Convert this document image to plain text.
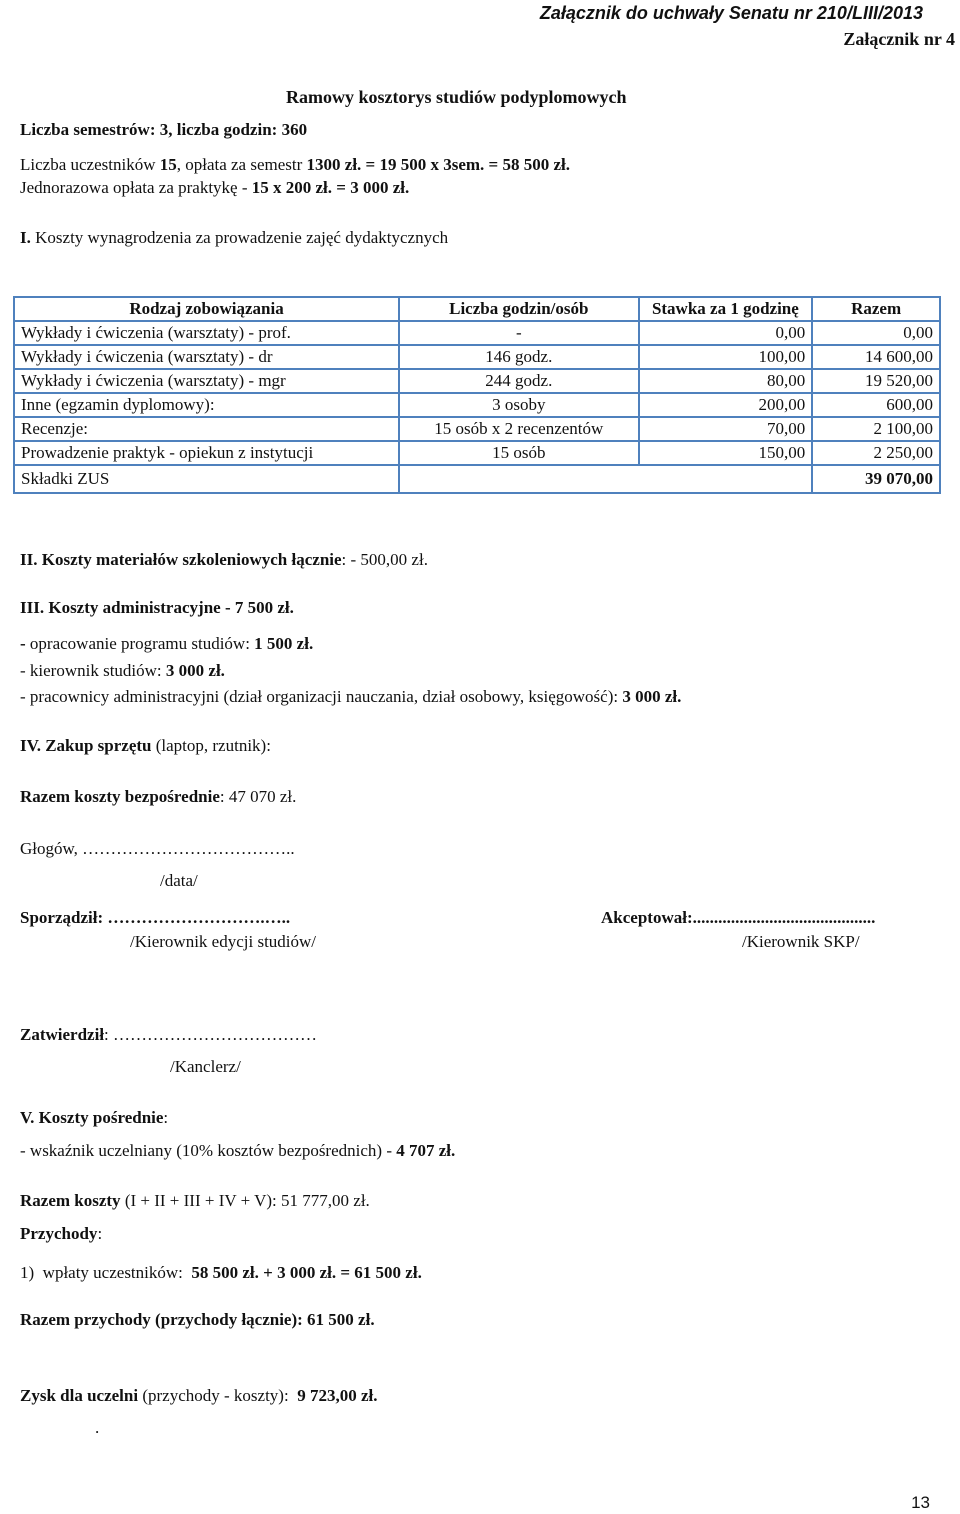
Załącznik do uchwały Senatu nr 210/LIII/2013
Załącznik nr 4
Ramowy kosztorys studiów podyplomowych
Liczba semestrów: 3, liczba godzin: 360
Liczba uczestników 15, opłata za semestr 1300 zł. = 19 500 x 3sem. = 58 500 zł.
Jednorazowa opłata za praktykę - 15 x 200 zł. = 3 000 zł.
I. Koszty wynagrodzenia za prowadzenie zajęć dydaktycznych
Rodzaj zobowiązania	Liczba godzin/osób	Stawka za 1 godzinę	Razem
Wykłady i ćwiczenia (warsztaty) - prof.	-	0,00	0,00
Wykłady i ćwiczenia (warsztaty) - dr	146 godz.	100,00	14 600,00
Wykłady i ćwiczenia (warsztaty) - mgr	244 godz.	80,00	19 520,00
Inne (egzamin dyplomowy):	3 osoby	200,00	600,00
Recenzje:	15 osób x 2 recenzentów	70,00	2 100,00
Prowadzenie praktyk - opiekun z instytucji	15 osób	150,00	2 250,00
Składki ZUS			39 070,00
II. Koszty materiałów szkoleniowych łącznie: - 500,00 zł.
III. Koszty administracyjne - 7 500 zł.
- opracowanie programu studiów: 1 500 zł.
- kierownik studiów: 3 000 zł.
- pracownicy administracyjni (dział organizacji nauczania, dział osobowy, księgowość): 3 000 zł.
IV. Zakup sprzętu (laptop, rzutnik):
Razem koszty bezpośrednie: 47 070 zł.
Głogów, ………………………………..
/data/
Sporządził: ……………………….…..
/Kierownik edycji studiów/
Akceptował:...........................................
/Kierownik SKP/
Zatwierdził: ………………………………
/Kanclerz/
V. Koszty pośrednie:
- wskaźnik uczelniany (10% kosztów bezpośrednich) - 4 707 zł.
Razem koszty (I + II + III + IV + V): 51 777,00 zł.
Przychody:
1)  wpłaty uczestników:  58 500 zł. + 3 000 zł. = 61 500 zł.
Razem przychody (przychody łącznie): 61 500 zł.
Zysk dla uczelni (przychody - koszty):  9 723,00 zł.
.
13
